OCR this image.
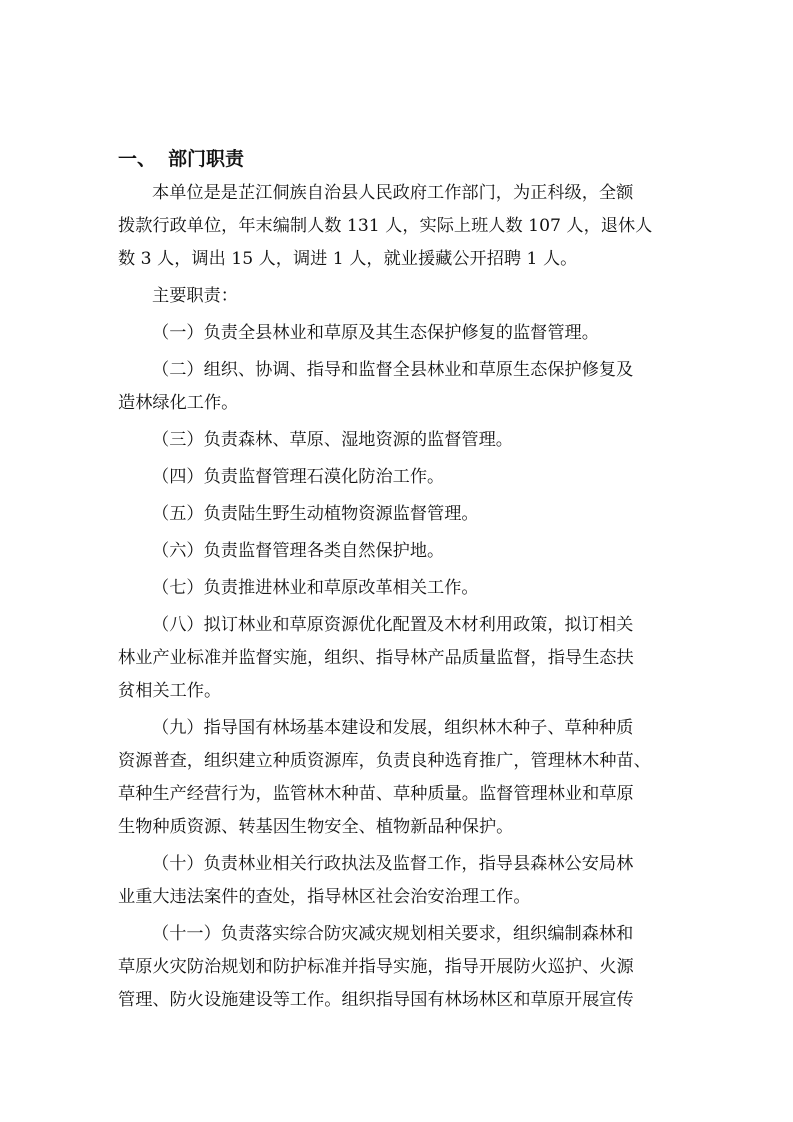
一、 部门职责
本单位是是芷江侗族自治县人民政府工作部门，为正科级，全额
拨款行政单位，年末编制人数 131 人，实际上班人数 107 人，退休人
数 3 人，调出 15 人，调进 1 人，就业援藏公开招聘 1 人。
主要职责：
（一）负责全县林业和草原及其生态保护修复的监督管理。
（二）组织、协调、指导和监督全县林业和草原生态保护修复及
造林绿化工作。
（三）负责森林、草原、湿地资源的监督管理。
（四）负责监督管理石漠化防治工作。
（五）负责陆生野生动植物资源监督管理。
（六）负责监督管理各类自然保护地。
（七）负责推进林业和草原改革相关工作。
（八）拟订林业和草原资源优化配置及木材利用政策，拟订相关
林业产业标准并监督实施，组织、指导林产品质量监督，指导生态扶
贫相关工作。
（九）指导国有林场基本建设和发展，组织林木种子、草种种质
资源普查，组织建立种质资源库，负责良种选育推广，管理林木种苗、
草种生产经营行为，监管林木种苗、草种质量。监督管理林业和草原
生物种质资源、转基因生物安全、植物新品种保护。
（十）负责林业相关行政执法及监督工作，指导县森林公安局林
业重大违法案件的查处，指导林区社会治安治理工作。
（十一）负责落实综合防灾减灾规划相关要求，组织编制森林和
草原火灾防治规划和防护标准并指导实施，指导开展防火巡护、火源
管理、防火设施建设等工作。组织指导国有林场林区和草原开展宣传
